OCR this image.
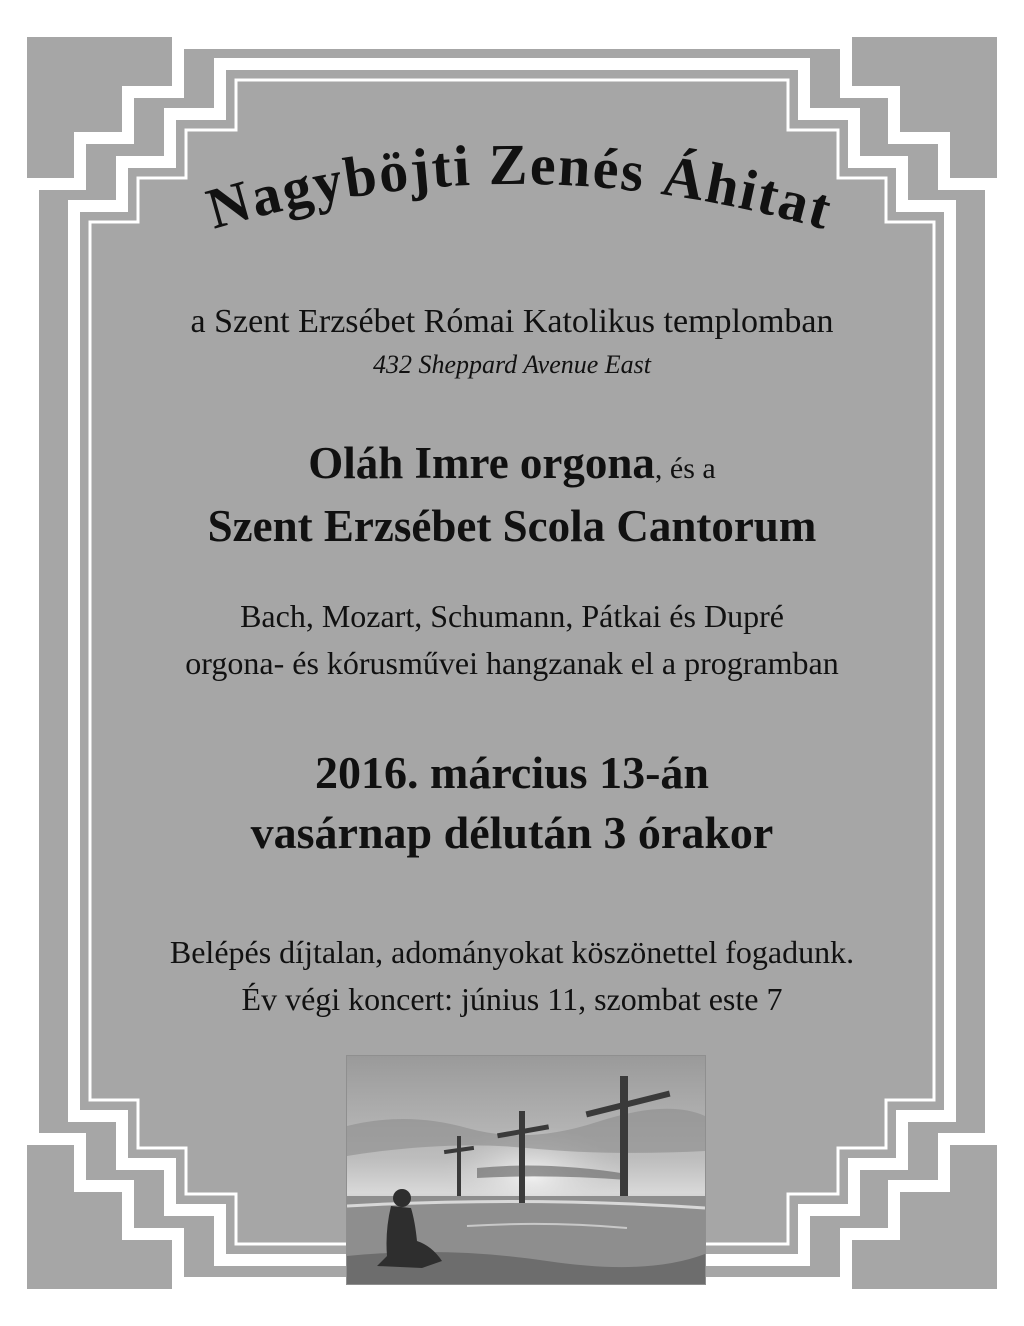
Nagyböjti Zenés Áhitat
a Szent Erzsébet Római Katolikus templomban
432 Sheppard Avenue East
Oláh Imre orgona, és a
Szent Erzsébet Scola Cantorum
Bach, Mozart, Schumann, Pátkai és Dupré
orgona- és kórusművei hangzanak el a programban
2016. március 13-án
vasárnap délután 3 órakor
Belépés díjtalan, adományokat köszönettel fogadunk.
Év végi koncert: június 11, szombat este 7
